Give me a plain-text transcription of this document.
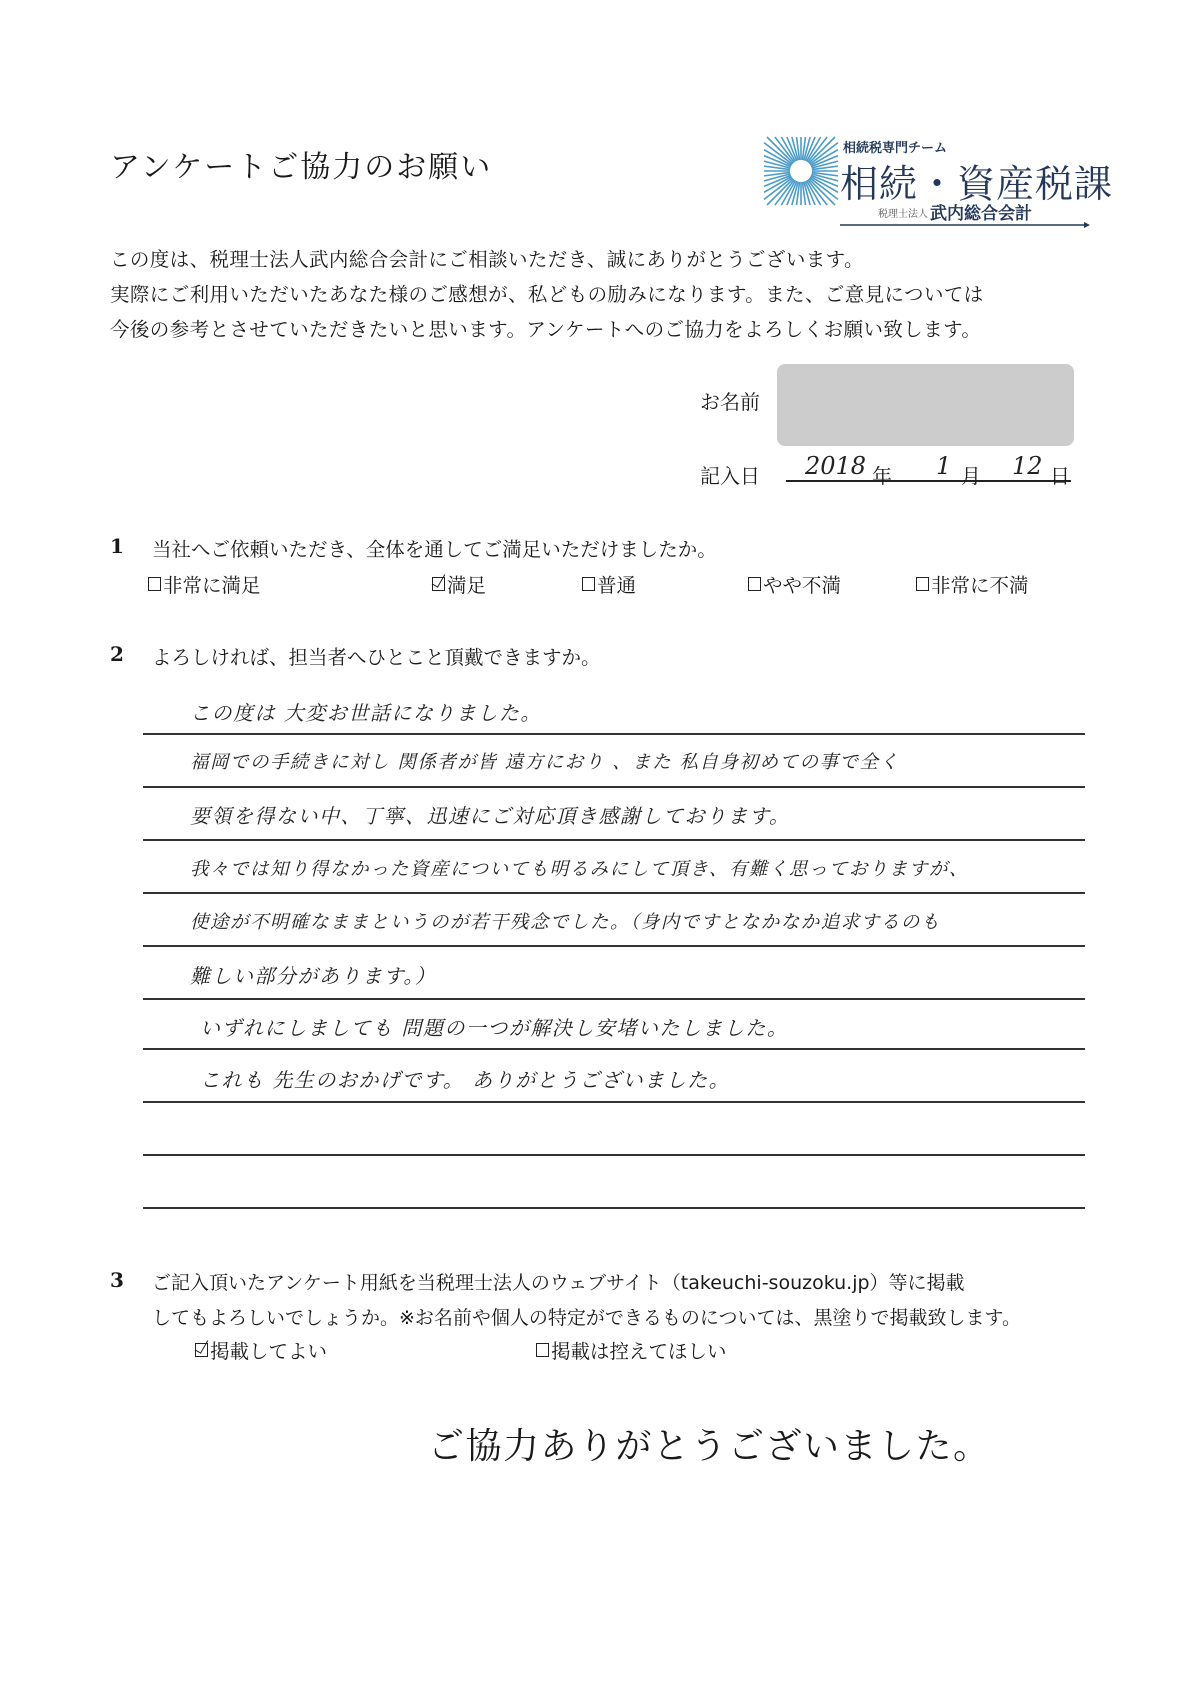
アンケートご協力のお願い
相続税専門チーム
相続・資産税課
税理士法人 武内総合会計
この度は、税理士法人武内総合会計にご相談いただき、誠にありがとうございます。
実際にご利用いただいたあなた様のご感想が、私どもの励みになります。また、ご意見については
今後の参考とさせていただきたいと思います。アンケートへのご協力をよろしくお願い致します。
お名前
記入日 2018 年 1 月 12 日
1 当社へご依頼いただき、全体を通してご満足いただけましたか。
非常に満足	満足	普通	やや不満	非常に不満
2 よろしければ、担当者へひとこと頂戴できますか。
この度は 大変お世話になりました。
福岡での手続きに対し 関係者が皆 遠方におり 、また 私自身初めての事で全く
要領を得ない中、丁寧、迅速にご対応頂き感謝しております。
我々では知り得なかった資産についても明るみにして頂き、有難く思っておりますが、
使途が不明確なままというのが若干残念でした。（身内ですとなかなか追求するのも
難しい部分があります。）
いずれにしましても 問題の一つが解決し安堵いたしました。
これも 先生のおかげです。 ありがとうございました。
3 ご記入頂いたアンケート用紙を当税理士法人のウェブサイト（takeuchi-souzoku.jp）等に掲載
してもよろしいでしょうか。※お名前や個人の特定ができるものについては、黒塗りで掲載致します。
掲載してよい	掲載は控えてほしい
ご協力ありがとうございました。
